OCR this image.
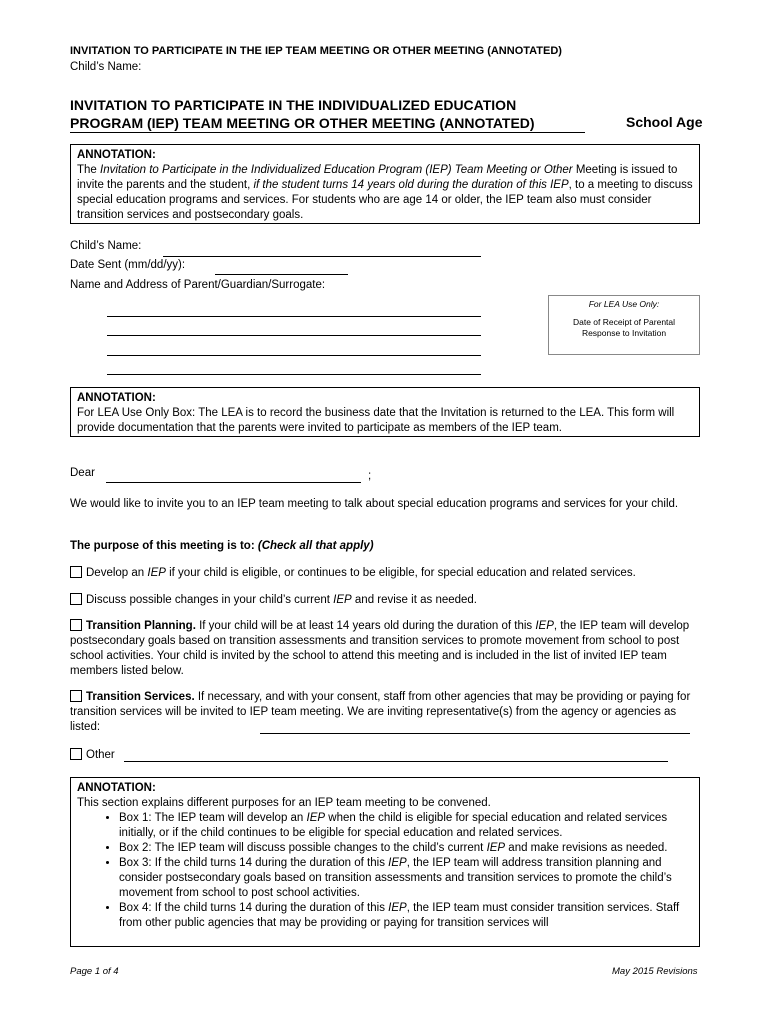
INVITATION TO PARTICIPATE IN THE IEP TEAM MEETING OR OTHER MEETING (ANNOTATED)
Child’s Name:
INVITATION TO PARTICIPATE IN THE INDIVIDUALIZED EDUCATION
PROGRAM (IEP) TEAM MEETING OR OTHER MEETING (ANNOTATED)	School Age
ANNOTATION:
The Invitation to Participate in the Individualized Education Program (IEP) Team Meeting or Other Meeting is issued to invite the parents and the student, if the student turns 14 years old during the duration of this IEP, to a meeting to discuss special education programs and services. For students who are age 14 or older, the IEP team also must consider transition services and postsecondary goals.
Child’s Name:
Date Sent (mm/dd/yy):
Name and Address of Parent/Guardian/Surrogate:
For LEA Use Only:
Date of Receipt of Parental
Response to Invitation
ANNOTATION:
For LEA Use Only Box: The LEA is to record the business date that the Invitation is returned to the LEA. This form will provide documentation that the parents were invited to participate as members of the IEP team.
Dear	;
We would like to invite you to an IEP team meeting to talk about special education programs and services for your child.
The purpose of this meeting is to: (Check all that apply)
Develop an IEP if your child is eligible, or continues to be eligible, for special education and related services.
Discuss possible changes in your child’s current IEP and revise it as needed.
Transition Planning. If your child will be at least 14 years old during the duration of this IEP, the IEP team will develop postsecondary goals based on transition assessments and transition services to promote movement from school to post school activities. Your child is invited by the school to attend this meeting and is included in the list of invited IEP team members listed below.
Transition Services. If necessary, and with your consent, staff from other agencies that may be providing or paying for transition services will be invited to IEP team meeting. We are inviting representative(s) from the agency or agencies as listed:
Other
ANNOTATION:
This section explains different purposes for an IEP team meeting to be convened.
• Box 1: The IEP team will develop an IEP when the child is eligible for special education and related services initially, or if the child continues to be eligible for special education and related services.
• Box 2: The IEP team will discuss possible changes to the child’s current IEP and make revisions as needed.
• Box 3: If the child turns 14 during the duration of this IEP, the IEP team will address transition planning and consider postsecondary goals based on transition assessments and transition services to promote the child’s movement from school to post school activities.
• Box 4: If the child turns 14 during the duration of this IEP, the IEP team must consider transition services. Staff from other public agencies that may be providing or paying for transition services will
Page 1 of 4	May 2015 Revisions
